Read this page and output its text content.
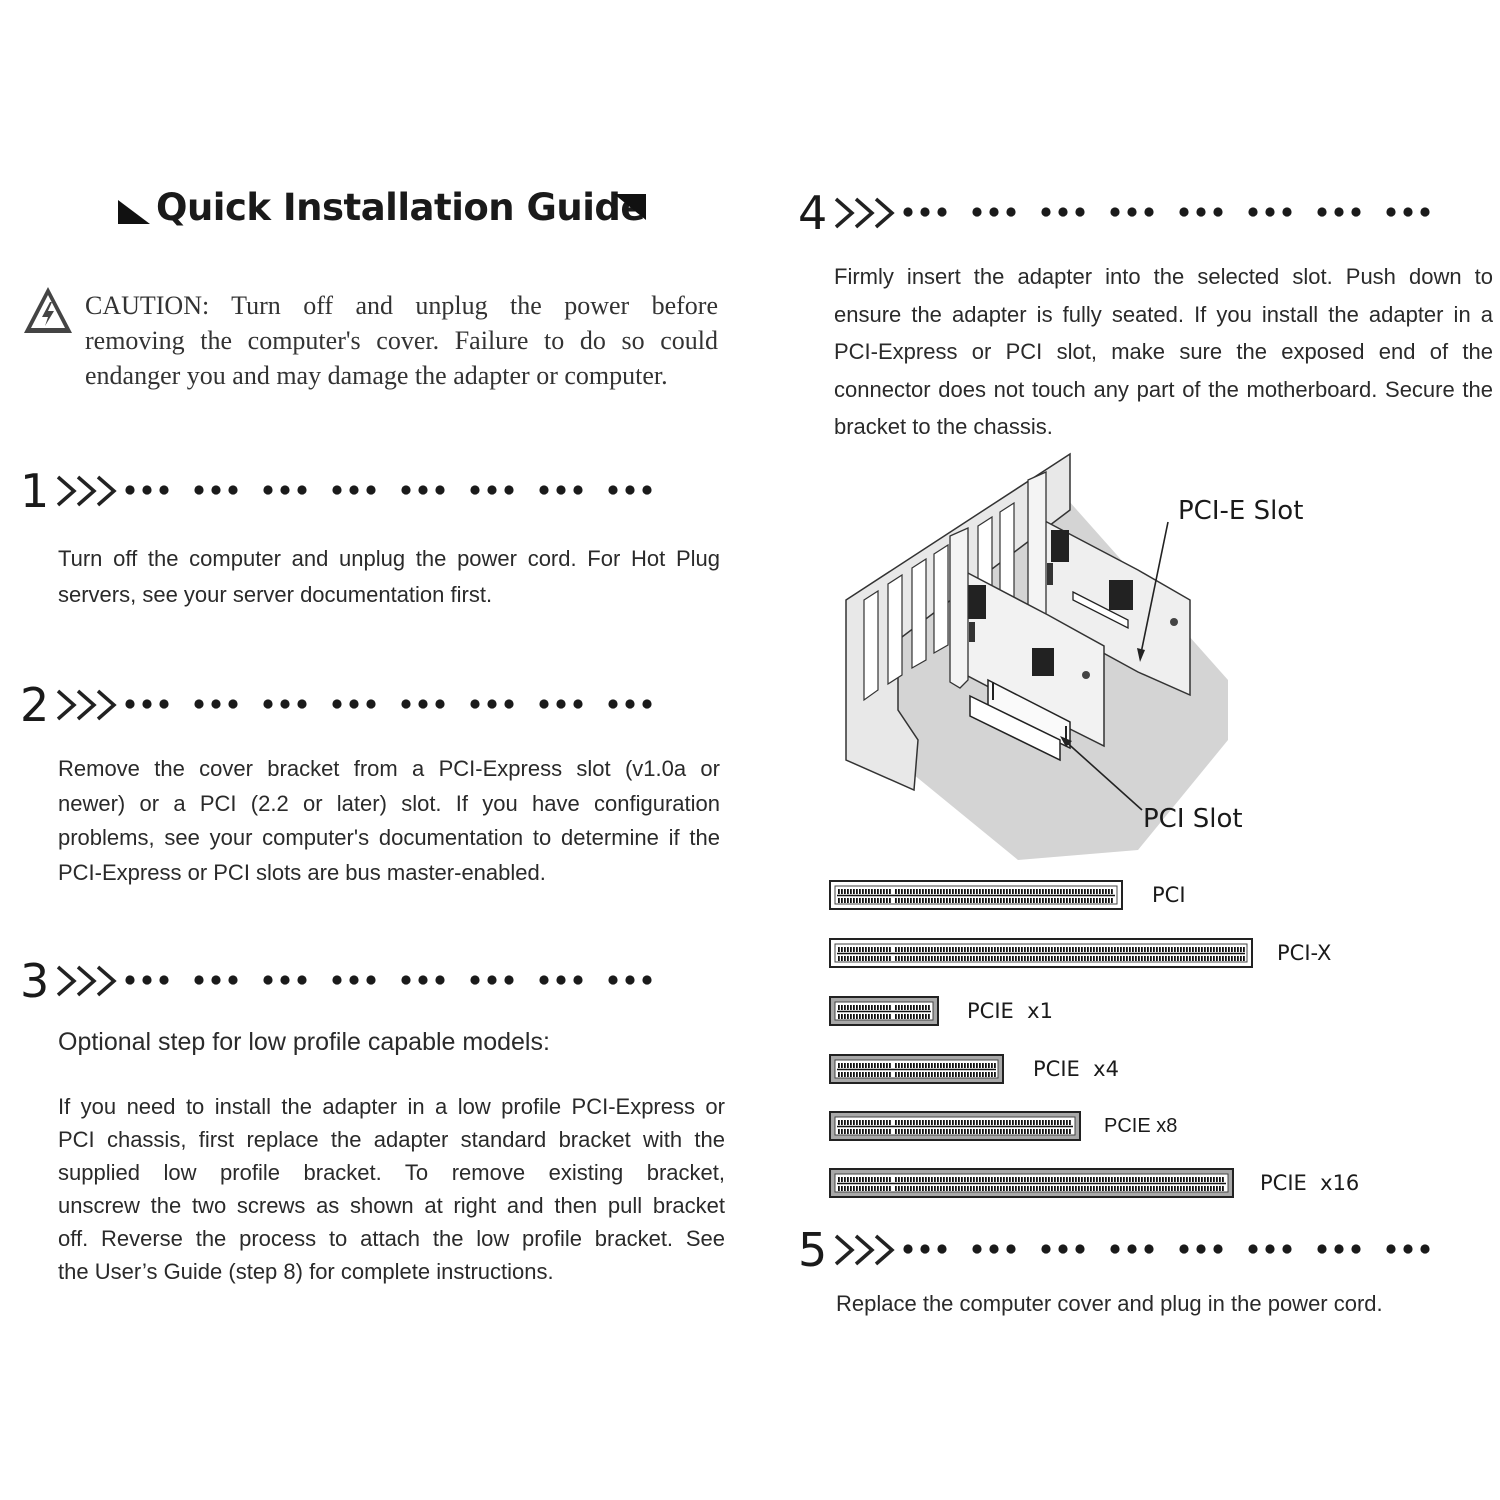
Quick Installation Guide
CAUTION: Turn off and unplug the power before
removing the computer's cover. Failure to do so could
endanger you and may damage the adapter or computer.
1
Turn off the computer and unplug the power cord. For Hot Plug
servers, see your server documentation first.
2
Remove the cover bracket from a PCI-Express slot (v1.0a or
newer) or a PCI (2.2 or later) slot. If you have configuration
problems, see your computer's documentation to determine if the
PCI-Express or PCI slots are bus master-enabled.
3
Optional step for low profile capable models:
If you need to install the adapter in a low profile PCI-Express or
PCI chassis, first replace the adapter standard bracket with the
supplied low profile bracket. To remove existing bracket,
unscrew the two screws as shown at right and then pull bracket
off. Reverse the process to attach the low profile bracket. See
the User’s Guide (step 8) for complete instructions.
4
Firmly insert the adapter into the selected slot. Push down to
ensure the adapter is fully seated. If you install the adapter in a
PCI-Express or PCI slot, make sure the exposed end of the
connector does not touch any part of the motherboard. Secure the
bracket to the chassis.
PCI-E Slot
PCI Slot
PCI
PCI-X
PCIE  x1
PCIE  x4
PCIE x8
PCIE  x16
5
Replace the computer cover and plug in the power cord.
